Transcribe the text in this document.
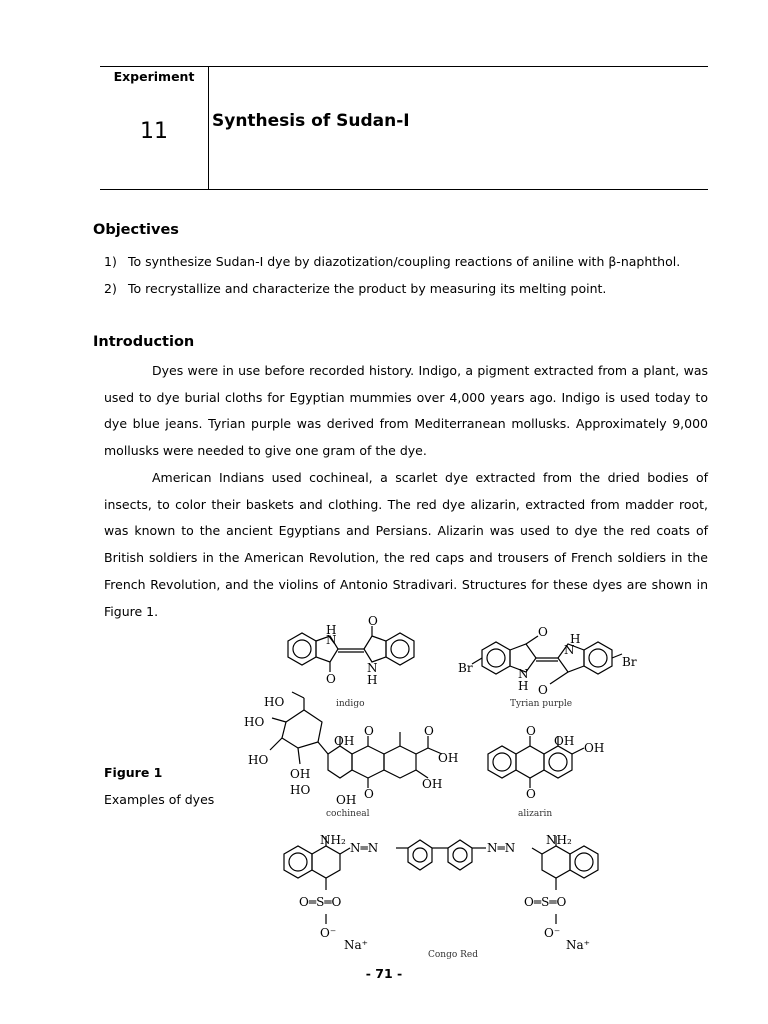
Experiment
11	Synthesis of Sudan-I
Objectives
1) To synthesize Sudan-I dye by diazotization/coupling reactions of aniline with β-naphthol.
2) To recrystallize and characterize the product by measuring its melting point.
Introduction

Dyes were in use before recorded history. Indigo, a pigment extracted from a plant, was used to dye burial cloths for Egyptian mummies over 4,000 years ago. Indigo is used today to dye blue jeans. Tyrian purple was derived from Mediterranean mollusks. Approximately 9,000 mollusks were needed to give one gram of the dye.

American Indians used cochineal, a scarlet dye extracted from the dried bodies of insects, to color their baskets and clothing. The red dye alizarin, extracted from madder root, was known to the ancient Egyptians and Persians. Alizarin was used to dye the red coats of British soldiers in the American Revolution, the red caps and trousers of French soldiers in the French Revolution, and the violins of Antonio Stradivari. Structures for these dyes are shown in Figure 1.

Figure 1
Examples of dyes
H
N
O
O
N
H
O
Br	N
H
N
H
Br
O
HO
HO
HO
OH
HO
OH
O
O
OH
O
OH
OH
O
OH OH
O
NH₂
N═N
O═S═O
O⁻
Na⁺
N═N
NH₂
O═S═O
O⁻
Na⁺
indigo	Tyrian purple
cochineal	alizarin
Congo Red
- 71 -
